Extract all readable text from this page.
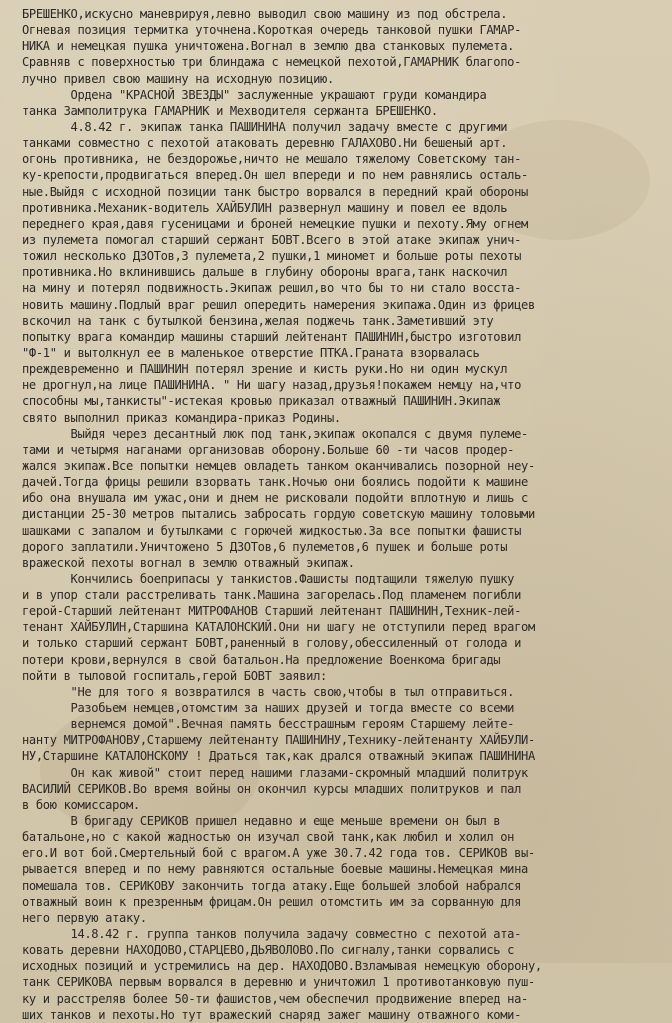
БРЕШЕНКО,искусно маневрируя,левно выводил свою машину из под обстрела.
Огневая позиция термитка уточнена.Короткая очередь танковой пушки ГАМАР-
НИКА и немецкая пушка уничтожена.Вогнал в землю два станковых пулемета.
Сравняв с поверхностью три блиндажа с немецкой пехотой,ГАМАРНИК благопо-
лучно привел свою машину на исходную позицию.
Ордена "КРАСНОЙ ЗВЕЗДЫ" заслуженные украшают груди командира
танка Замполитрука ГАМАРНИК и Мехводителя сержанта БРЕШЕНКО.
4.8.42 г. экипаж танка ПАШИНИНА получил задачу вместе с другими
танками совместно с пехотой атаковать деревню ГАЛАХОВО.Ни бешеный арт.
огонь противника, не бездорожье,ничто не мешало тяжелому Советскому тан-
ку-крепости,продвигаться вперед.Он шел впереди и по нем равнялись осталь-
ные.Выйдя с исходной позиции танк быстро ворвался в передний край обороны
противника.Механик-водитель ХАЙБУЛИН развернул машину и повел ее вдоль
переднего края,давя гусеницами и броней немецкие пушки и пехоту.Яму огнем
из пулемета помогал старший сержант БОВТ.Всего в этой атаке экипаж унич-
тожил несколько ДЗОТов,3 пулемета,2 пушки,1 миномет и больше роты пехоты
противника.Но вклинившись дальше в глубину обороны врага,танк наскочил
на мину и потерял подвижность.Экипаж решил,во что бы то ни стало восста-
новить машину.Подлый враг решил опередить намерения экипажа.Один из фрицев
вскочил на танк с бутылкой бензина,желая поджечь танк.Заметивший эту
попытку врага командир машины старший лейтенант ПАШИНИН,быстро изготовил
"Ф-1" и вытолкнул ее в маленькое отверстие ПТКА.Граната взорвалась
преждевременно и ПАШИНИН потерял зрение и кисть руки.Но ни один мускул
не дрогнул,на лице ПАШИНИНА. " Ни шагу назад,друзья!покажем немцу на,что
способны мы,танкисты"-истекая кровью приказал отважный ПАШИНИН.Экипаж
свято выполнил приказ командира-приказ Родины.
Выйдя через десантный люк под танк,экипаж окопался с двумя пулеме-
тами и четырмя наганами организовав оборону.Больше 60 -ти часов продер-
жался экипаж.Все попытки немцев овладеть танком оканчивались позорной неу-
дачей.Тогда фрицы решили взорвать танк.Ночью они боялись подойти к машине
ибо она внушала им ужас,они и днем не рисковали подойти вплотную и лишь с
дистанции 25-30 метров пытались забросать гордую советскую машину толовыми
шашками с запалом и бутылками с горючей жидкостью.За все попытки фашисты
дорого заплатили.Уничтожено 5 ДЗОТов,6 пулеметов,6 пушек и больше роты
вражеской пехоты вогнал в землю отважный экипаж.
Кончились боеприпасы у танкистов.Фашисты подтащили тяжелую пушку
и в упор стали расстреливать танк.Машина загорелась.Под пламенем погибли
герой-Старший лейтенант МИТРОФАНОВ Старший лейтенант ПАШИНИН,Техник-лей-
тенант ХАЙБУЛИН,Старшина КАТАЛОНСКИЙ.Они ни шагу не отступили перед врагом
и только старший сержант БОВТ,раненный в голову,обессиленный от голода и
потери крови,вернулся в свой батальон.На предложение Военкома бригады
пойти в тыловой госпиталь,герой БОВТ заявил:
"Не для того я возвратился в часть свою,чтобы в тыл отправиться.
Разобьем немцев,отомстим за наших друзей и тогда вместе со всеми
вернемся домой".Вечная память бесстрашным героям Старшему лейте-
нанту МИТРОФАНОВУ,Старшему лейтенанту ПАШИНИНУ,Технику-лейтенанту ХАЙБУЛИ-
НУ,Старшине КАТАЛОНСКОМУ ! Драться так,как дрался отважный экипаж ПАШИНИНА
Он как живой" стоит перед нашими глазами-скромный младший политрук
ВАСИЛИЙ СЕРИКОВ.Во время войны он окончил курсы младших политруков и пал
в бою комиссаром.
В бригаду СЕРИКОВ пришел недавно и еще меньше времени он был в
батальоне,но с какой жадностью он изучал свой танк,как любил и холил он
его.И вот бой.Смертельный бой с врагом.А уже 30.7.42 года тов. СЕРИКОВ вы-
рывается вперед и по нему равняются остальные боевые машины.Немецкая мина
помешала тов. СЕРИКОВУ закончить тогда атаку.Еще большей злобой набрался
отважный воин к презренным фрицам.Он решил отомстить им за сорванную для
него первую атаку.
14.8.42 г. группа танков получила задачу совместно с пехотой ата-
ковать деревни НАХОДОВО,СТАРЦЕВО,ДЬЯВОЛОВО.По сигналу,танки сорвались с
исходных позиций и устремились на дер. НАХОДОВО.Взламывая немецкую оборону,
танк СЕРИКОВА первым ворвался в деревню и уничтожил 1 противотанковую пуш-
ку и расстреляв более 50-ти фашистов,чем обеспечил продвижение вперед на-
ших танков и пехоты.Но тут вражеский снаряд зажег машину отважного коми-
